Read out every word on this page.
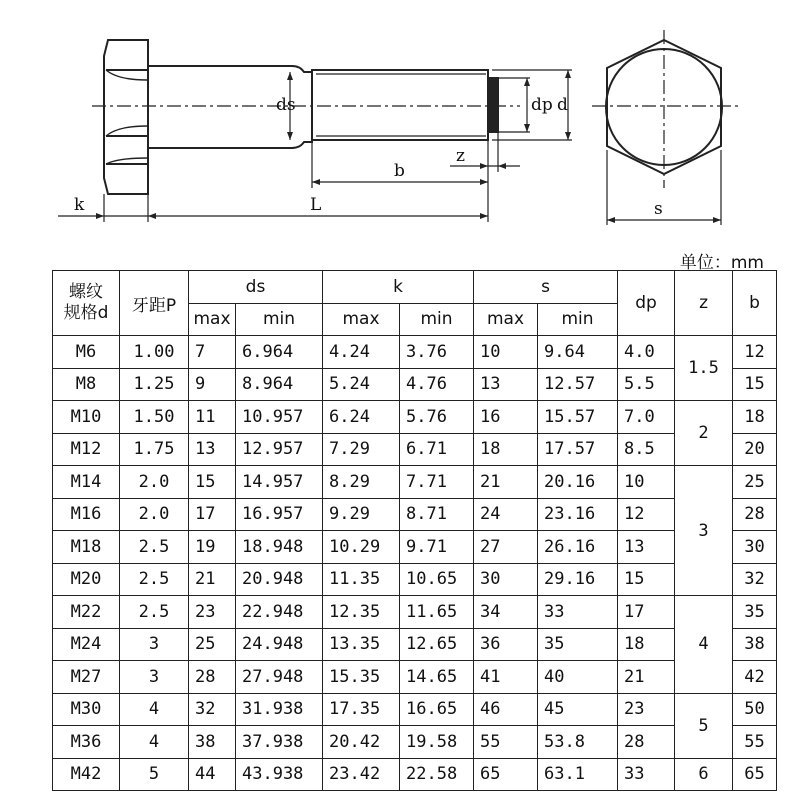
ds	dp d
z
b
k	L	s
单位：mm
螺纹
规格d	牙距P	ds		k		s		dp	z	b
		max	min	max	min	max	min			
M6	1.00	7	6.964	4.24	3.76	10	9.64	4.0	1.5	12
M8	1.25	9	8.964	5.24	4.76	13	12.57	5.5		15
M10	1.50	11	10.957	6.24	5.76	16	15.57	7.0	2	18
M12	1.75	13	12.957	7.29	6.71	18	17.57	8.5		20
M14	2.0	15	14.957	8.29	7.71	21	20.16	10	3	25
M16	2.0	17	16.957	9.29	8.71	24	23.16	12		28
M18	2.5	19	18.948	10.29	9.71	27	26.16	13		30
M20	2.5	21	20.948	11.35	10.65	30	29.16	15		32
M22	2.5	23	22.948	12.35	11.65	34	33	17	4	35
M24	3	25	24.948	13.35	12.65	36	35	18		38
M27	3	28	27.948	15.35	14.65	41	40	21		42
M30	4	32	31.938	17.35	16.65	46	45	23	5	50
M36	4	38	37.938	20.42	19.58	55	53.8	28		55
M42	5	44	43.938	23.42	22.58	65	63.1	33	6	65
